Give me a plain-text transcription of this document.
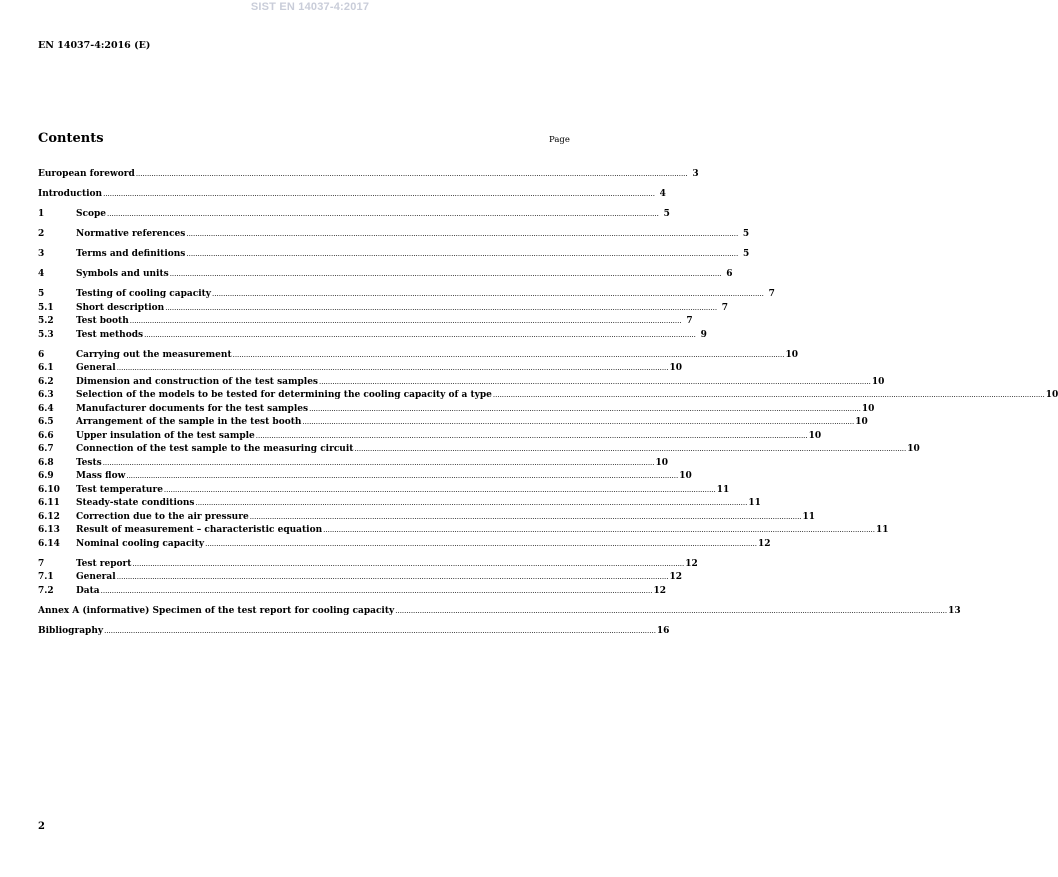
SIST EN 14037-4:2017
EN 14037-4:2016 (E)
Contents	Page
European foreword .....	3
Introduction .....	4
1	Scope .....	5
2	Normative references .....	5
3	Terms and definitions .....	5
4	Symbols and units .....	6
5	Testing of cooling capacity .....	7
5.1	Short description .....	7
5.2	Test booth .....	7
5.3	Test methods .....	9
6	Carrying out the measurement .....	10
6.1	General .....	10
6.2	Dimension and construction of the test samples .....	10
6.3	Selection of the models to be tested for determining the cooling capacity of a type .....	10
6.4	Manufacturer documents for the test samples .....	10
6.5	Arrangement of the sample in the test booth .....	10
6.6	Upper insulation of the test sample .....	10
6.7	Connection of the test sample to the measuring circuit .....	10
6.8	Tests .....	10
6.9	Mass flow .....	10
6.10	Test temperature .....	11
6.11	Steady-state conditions .....	11
6.12	Correction due to the air pressure .....	11
6.13	Result of measurement – characteristic equation .....	11
6.14	Nominal cooling capacity .....	12
7	Test report .....	12
7.1	General .....	12
7.2	Data .....	12
Annex A (informative) Specimen of the test report for cooling capacity .....	13
Bibliography .....	16
2
